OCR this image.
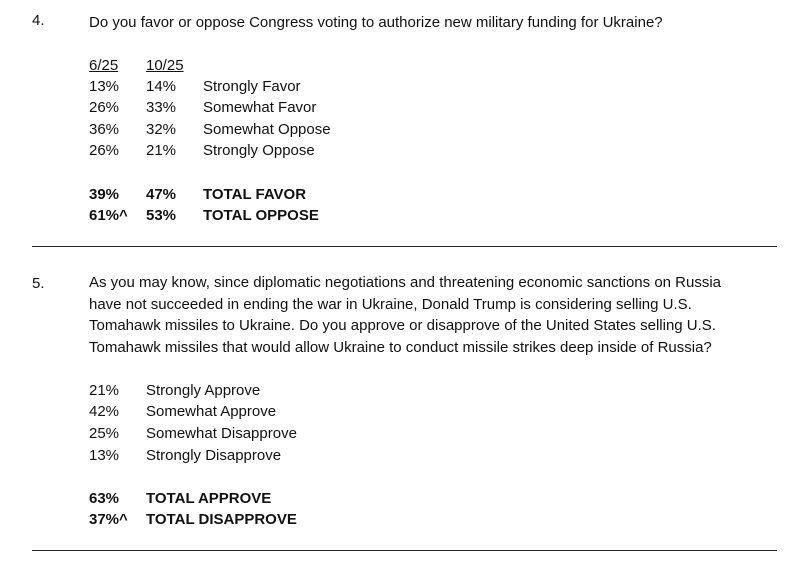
4.	Do you favor or oppose Congress voting to authorize new military funding for Ukraine?
6/25 10/25
13% 14% Strongly Favor
26% 33% Somewhat Favor
36% 32% Somewhat Oppose
26% 21% Strongly Oppose
39% 47% TOTAL FAVOR
61%^ 53% TOTAL OPPOSE
5.	As you may know, since diplomatic negotiations and threatening economic sanctions on Russia
have not succeeded in ending the war in Ukraine, Donald Trump is considering selling U.S.
Tomahawk missiles to Ukraine. Do you approve or disapprove of the United States selling U.S.
Tomahawk missiles that would allow Ukraine to conduct missile strikes deep inside of Russia?
21% Strongly Approve
42% Somewhat Approve
25% Somewhat Disapprove
13% Strongly Disapprove
63% TOTAL APPROVE
37%^ TOTAL DISAPPROVE
